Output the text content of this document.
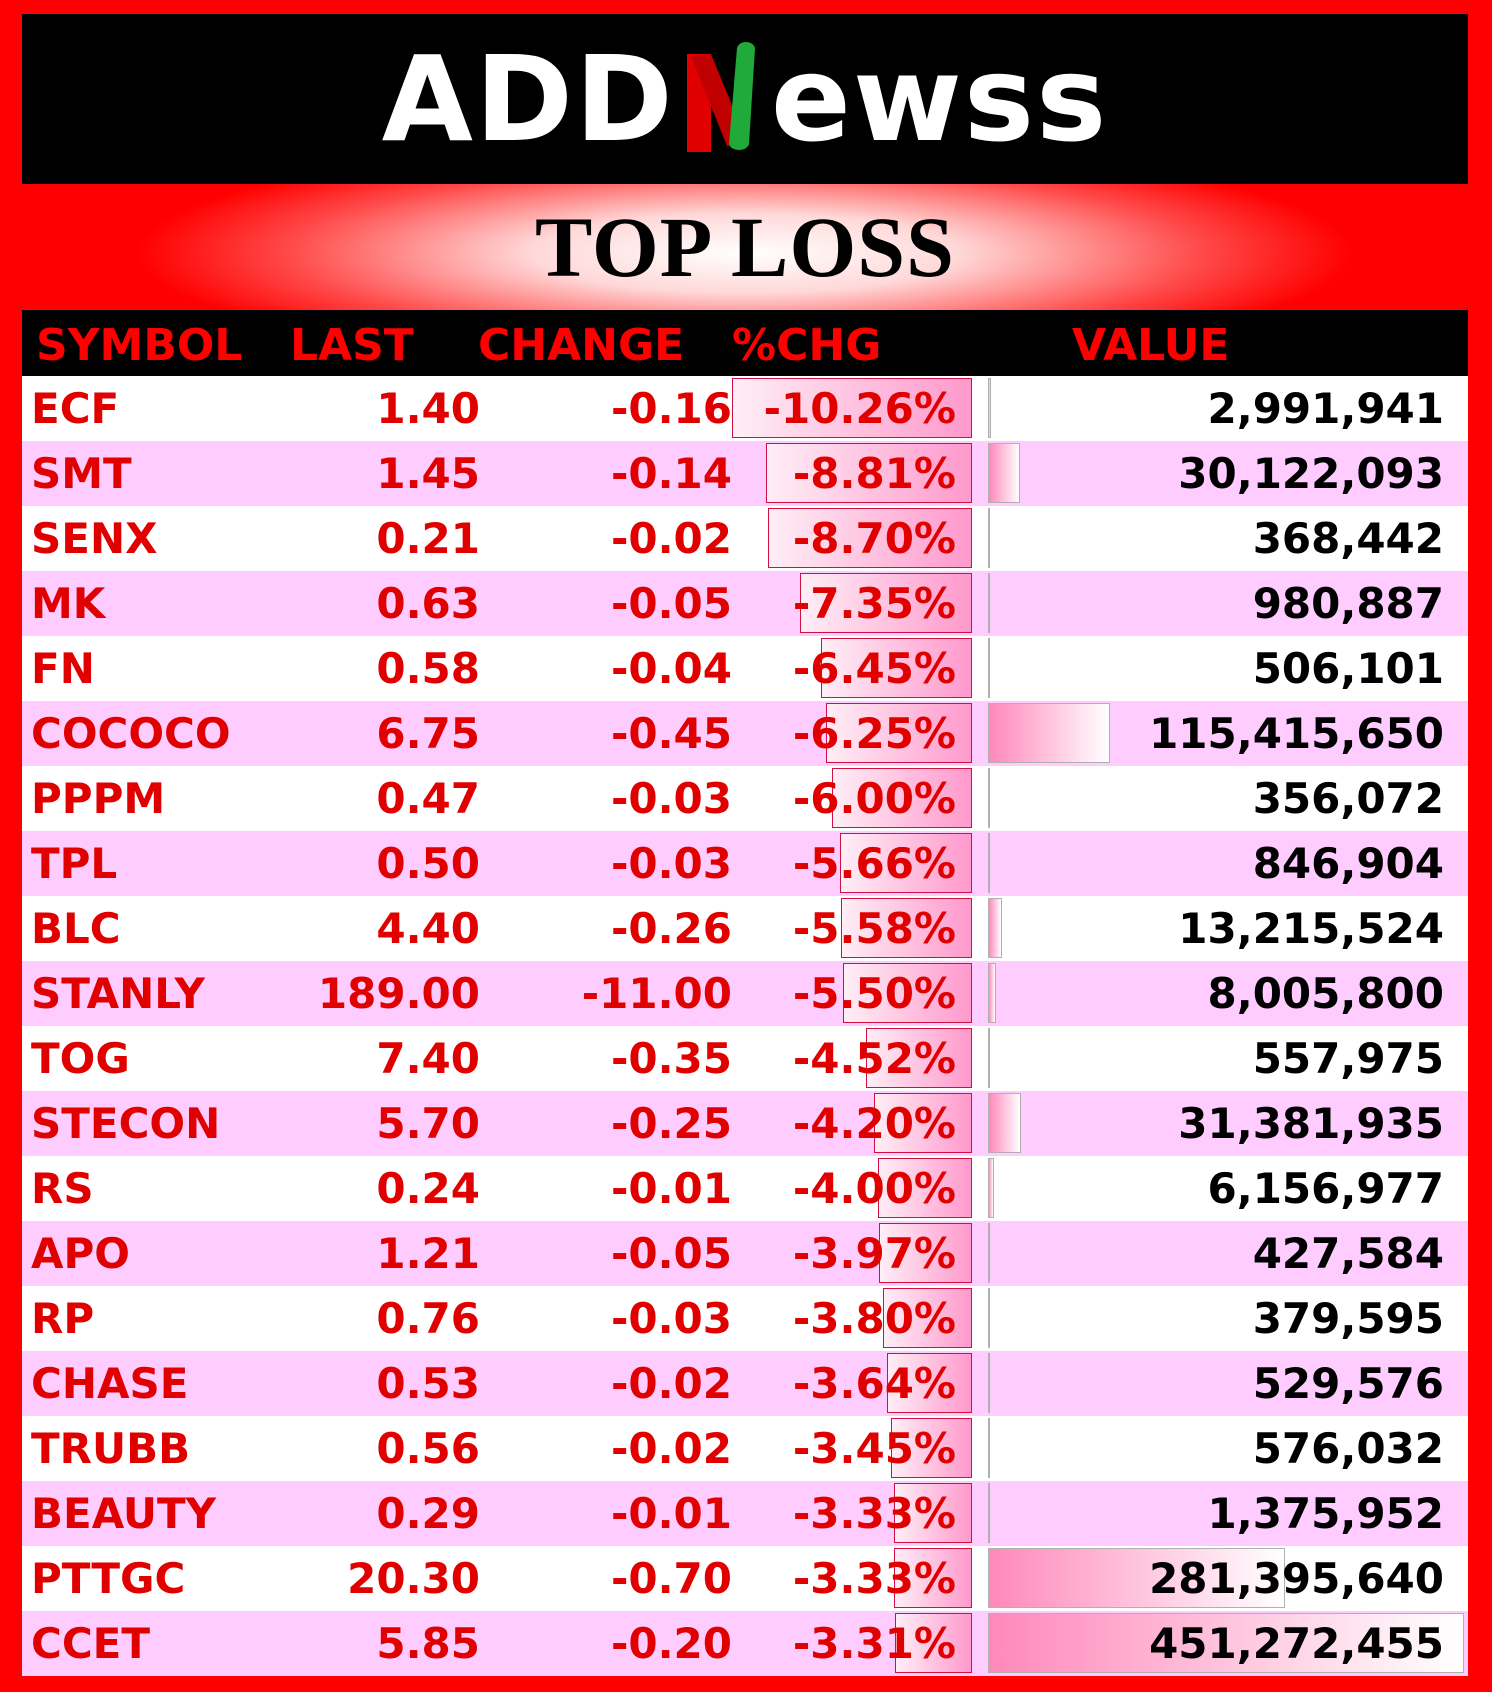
ADD ewss
TOP LOSS
SYMBOL LAST CHANGE %CHG	VALUE
ECF	1.40	-0.16 -10.26%	2,991,941
SMT	1.45	-0.14 -8.81%	30,122,093
SENX	0.21	-0.02 -8.70%	368,442
MK	0.63	-0.05 -7.35%	980,887
FN	0.58	-0.04 -6.45%	506,101
COCOCO	6.75	-0.45 -6.25%	115,415,650
PPPM	0.47	-0.03 -6.00%	356,072
TPL	0.50	-0.03 -5.66%	846,904
BLC	4.40	-0.26 -5.58%	13,215,524
STANLY	189.00 -11.00 -5.50%	8,005,800
TOG	7.40	-0.35 -4.52%	557,975
STECON	5.70	-0.25 -4.20%	31,381,935
RS	0.24	-0.01 -4.00%	6,156,977
APO	1.21	-0.05 -3.97%	427,584
RP	0.76	-0.03 -3.80%	379,595
CHASE	0.53	-0.02 -3.64%	529,576
TRUBB	0.56	-0.02 -3.45%	576,032
BEAUTY	0.29	-0.01 -3.33%	1,375,952
PTTGC	20.30	-0.70 -3.33%	281,395,640
CCET	5.85	-0.20 -3.31%	451,272,455
